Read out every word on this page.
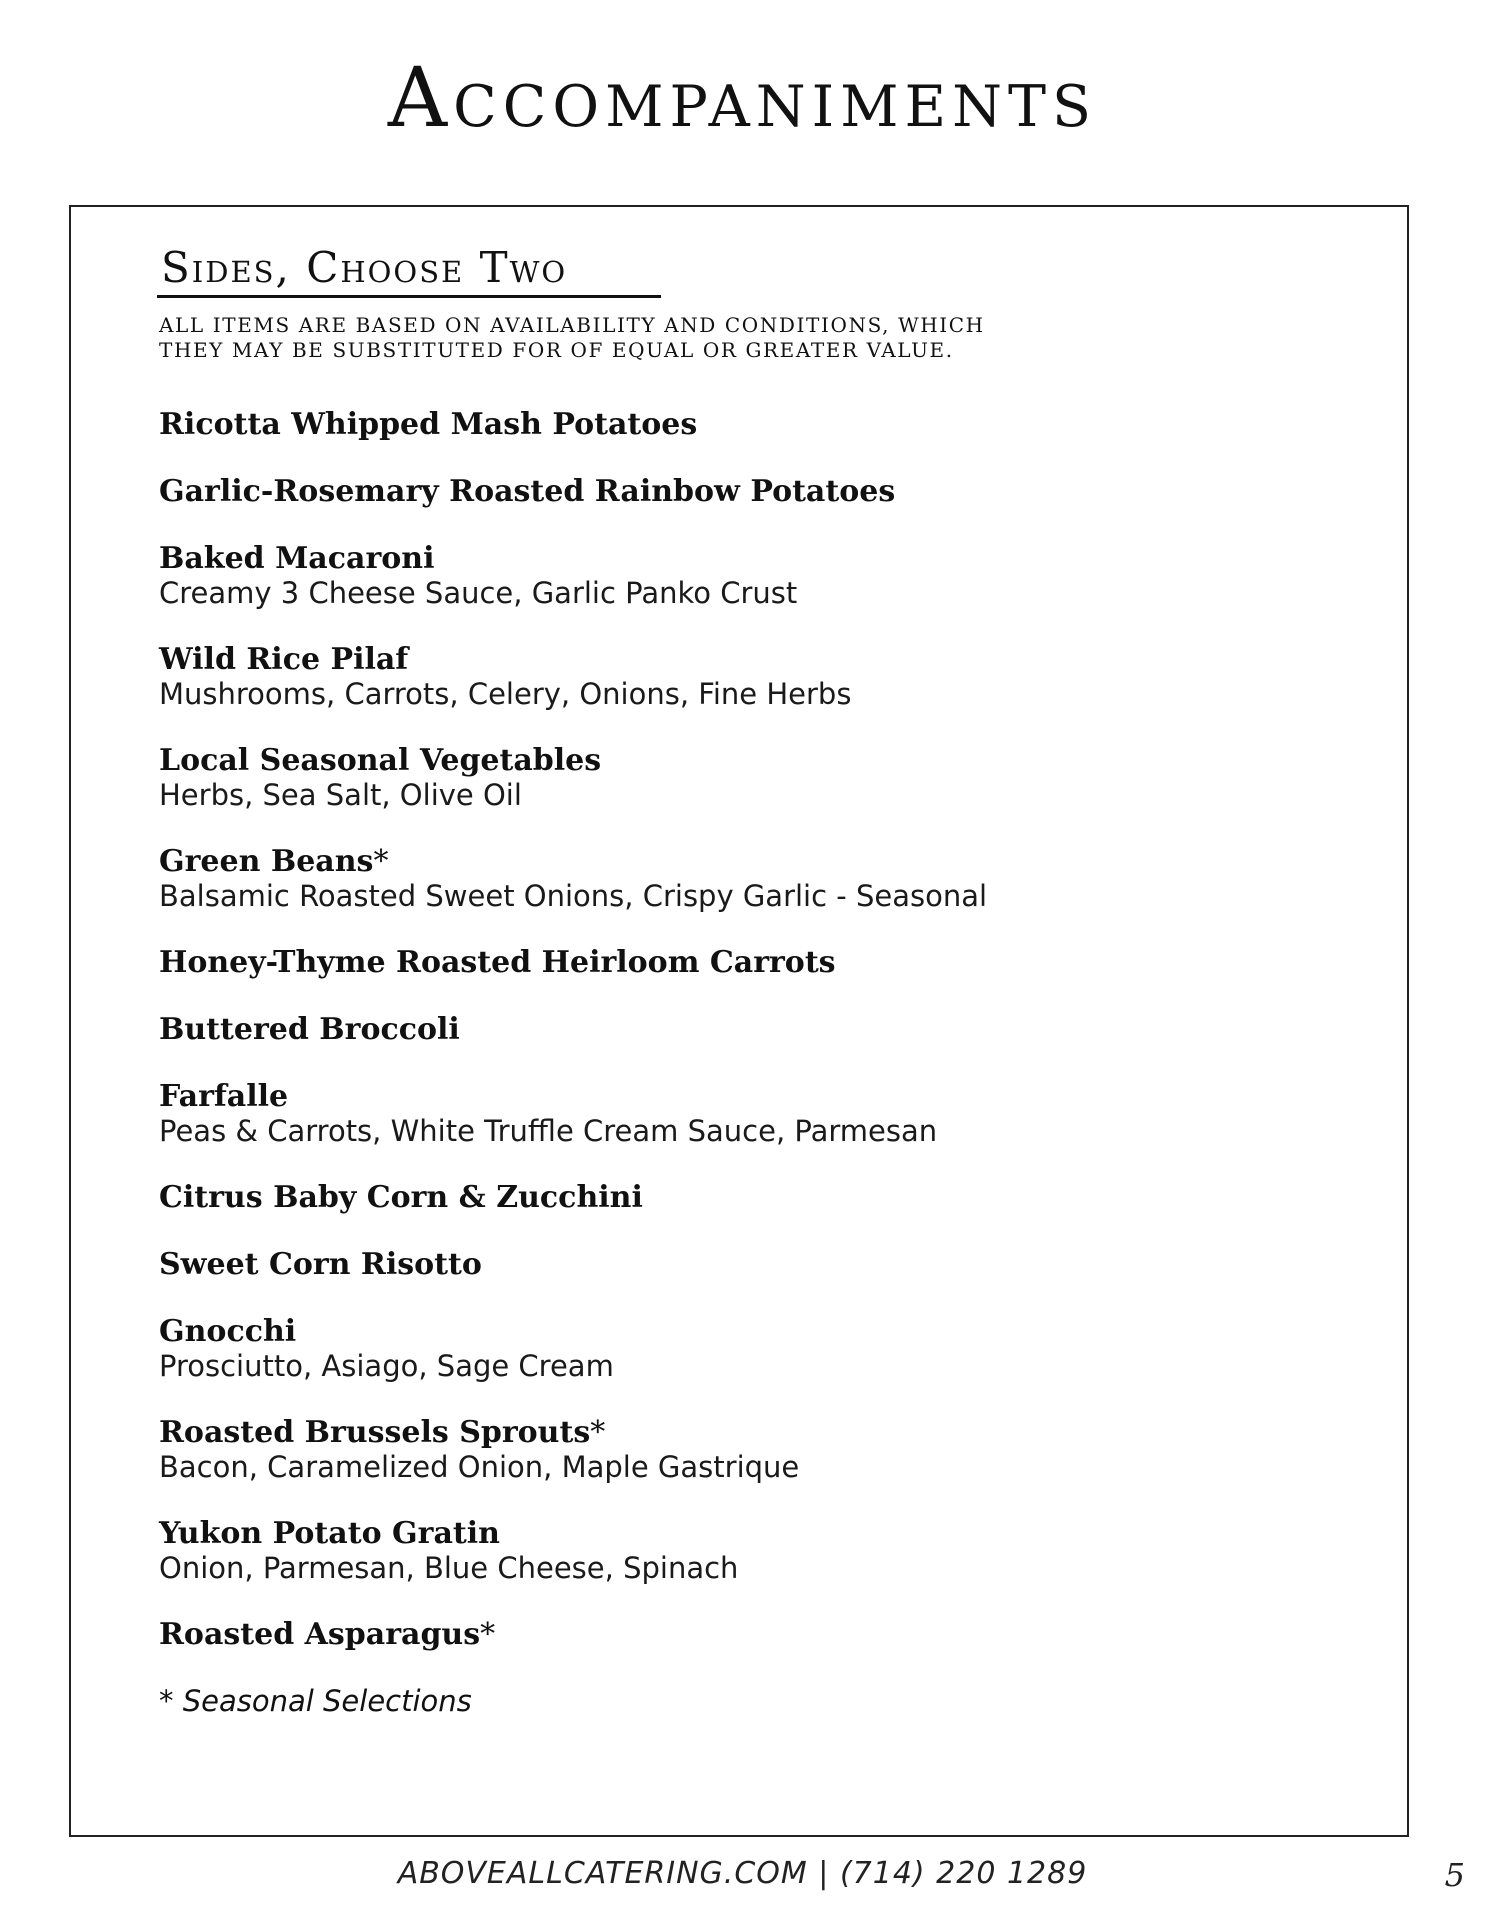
Accompaniments
Sides, Choose Two

ALL ITEMS ARE BASED ON AVAILABILITY AND CONDITIONS, WHICH
THEY MAY BE SUBSTITUTED FOR OF EQUAL OR GREATER VALUE.

Ricotta Whipped Mash Potatoes
Garlic-Rosemary Roasted Rainbow Potatoes
Baked Macaroni
Creamy 3 Cheese Sauce, Garlic Panko Crust
Wild Rice Pilaf
Mushrooms, Carrots, Celery, Onions, Fine Herbs
Local Seasonal Vegetables
Herbs, Sea Salt, Olive Oil
Green Beans*
Balsamic Roasted Sweet Onions, Crispy Garlic - Seasonal
Honey-Thyme Roasted Heirloom Carrots
Buttered Broccoli
Farfalle
Peas & Carrots, White Truffle Cream Sauce, Parmesan
Citrus Baby Corn & Zucchini
Sweet Corn Risotto
Gnocchi
Prosciutto, Asiago, Sage Cream
Roasted Brussels Sprouts*
Bacon, Caramelized Onion, Maple Gastrique
Yukon Potato Gratin
Onion, Parmesan, Blue Cheese, Spinach
Roasted Asparagus*
* Seasonal Selections
ABOVEALLCATERING.COM | (714) 220 1289	5
